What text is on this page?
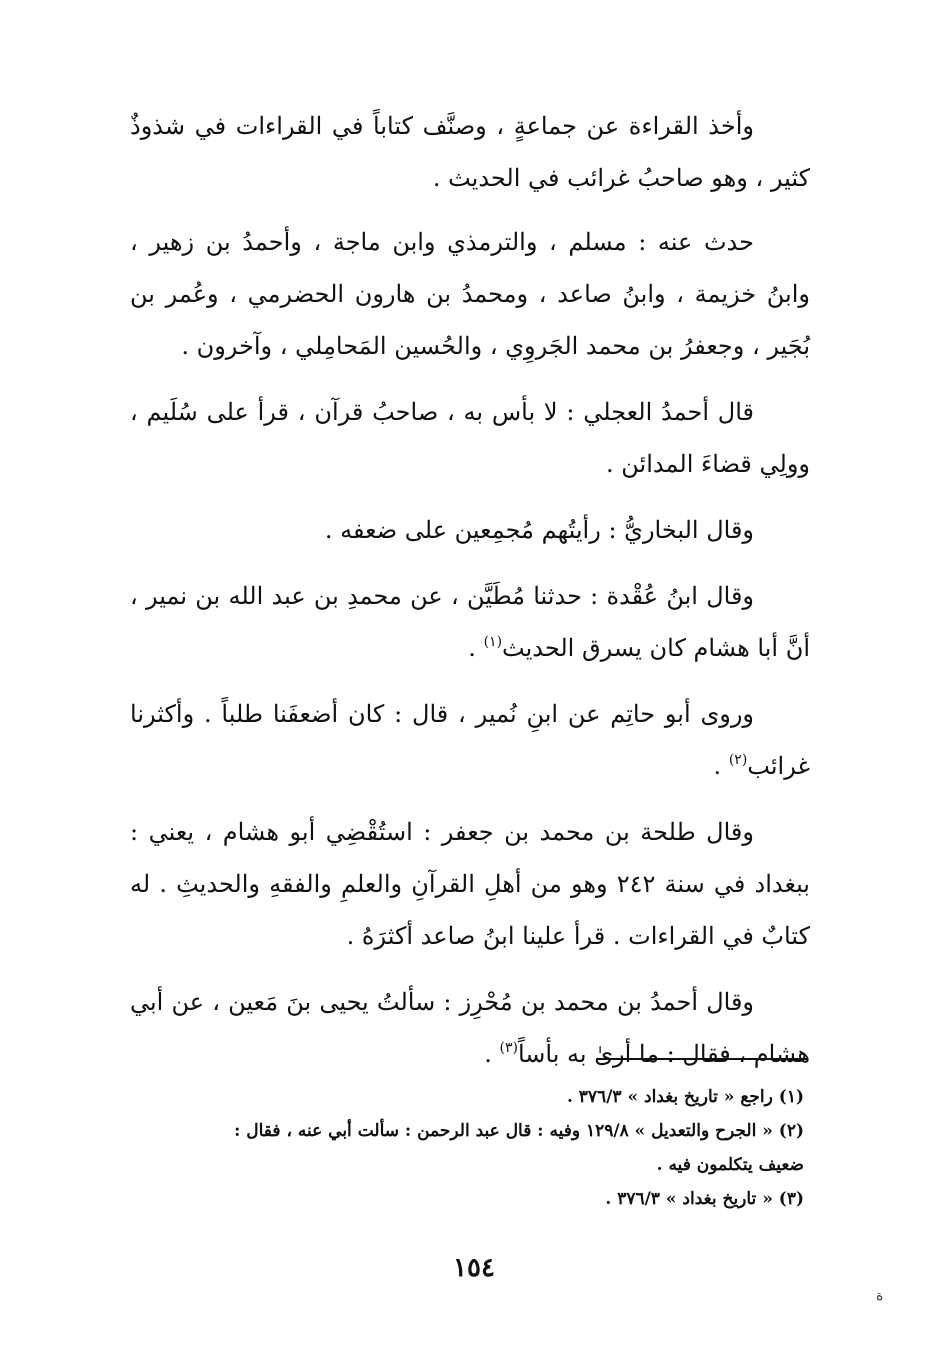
وأخذ القراءة عن جماعةٍ ، وصنَّف كتاباً في القراءات في شذوذٌ كثير ، وهو صاحبُ غرائب في الحديث .

حدث عنه : مسلم ، والترمذي وابن ماجة ، وأحمدُ بن زهير ، وابنُ خزيمة ، وابنُ صاعد ، ومحمدُ بن هارون الحضرمي ، وعُمر بن بُجَير ، وجعفرُ بن محمد الجَروِي ، والحُسين المَحامِلي ، وآخرون .

قال أحمدُ العجلي : لا بأس به ، صاحبُ قرآن ، قرأ على سُلَيم ، وولِي قضاءَ المدائن .

وقال البخاريُّ : رأيتُهم مُجمِعين على ضعفه .

وقال ابنُ عُقْدة : حدثنا مُطَيَّن ، عن محمدِ بن عبد الله بن نمير ، أنَّ أبا هشام كان يسرق الحديث$^{(١)}$ .

وروى أبو حاتِم عن ابنِ نُمير ، قال : كان أضعفَنا طلباً . وأكثرنا غرائب$^{(٢)}$ .

وقال طلحة بن محمد بن جعفر : استُقْضِي أبو هشام ، يعني : ببغداد في سنة ٢٤٢ وهو من أهلِ القرآنِ والعلمِ والفقهِ والحديثِ . له كتابٌ في القراءات . قرأ علينا ابنُ صاعد أكثرَهُ .

وقال أحمدُ بن محمد بن مُحْرِز : سألتُ يحيى بنَ مَعين ، عن أبي هشام ، فقال : ما أرىٰ به بأساً$^{(٣)}$ .

(١) راجع « تاريخ بغداد » ٣٧٦/٣ .

(٢) « الجرح والتعديل » ١٢٩/٨ وفيه : قال عبد الرحمن : سألت أبي عنه ، فقال :
ضعيف يتكلمون فيه .

(٣) « تاريخ بغداد » ٣٧٦/٣ .

١٥٤
ة
